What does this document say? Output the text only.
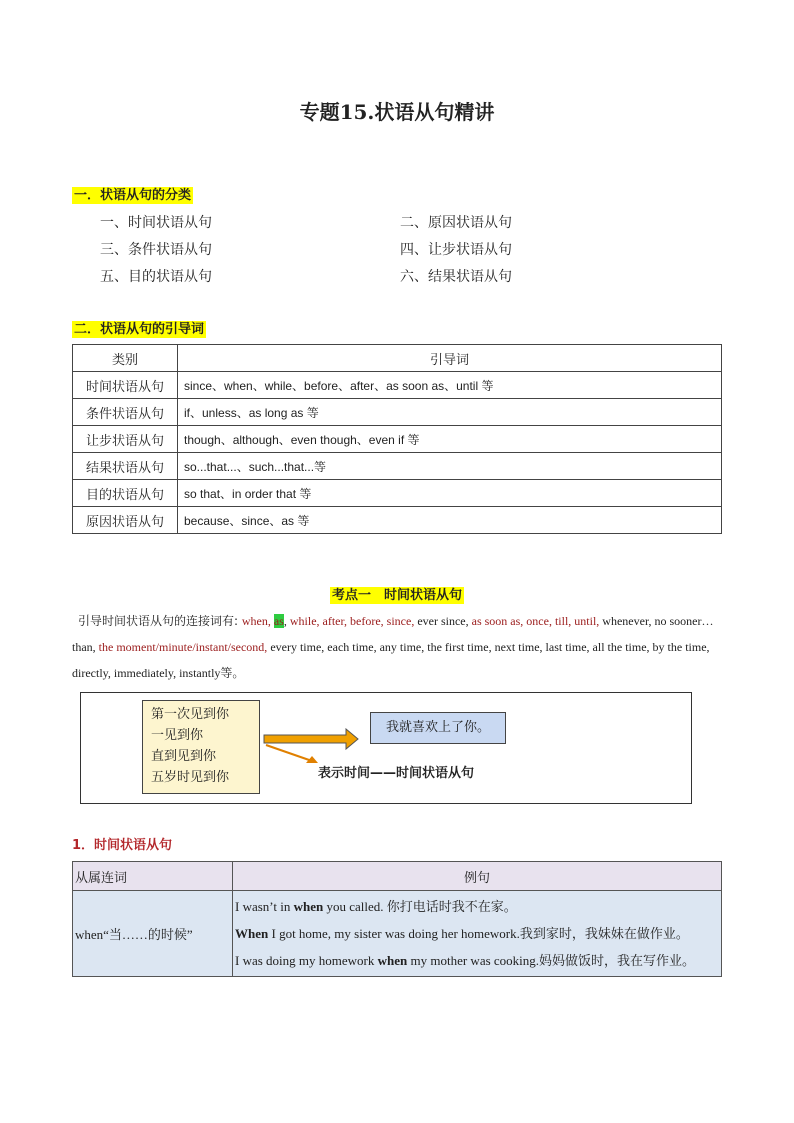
专题15.状语从句精讲
一．状语从句的分类
一、时间状语从句	二、原因状语从句
三、条件状语从句	四、让步状语从句
五、目的状语从句	六、结果状语从句
二．状语从句的引导词
类别	引导词
时间状语从句	since、when、while、before、after、as soon as、until 等
条件状语从句	if、unless、as long as 等
让步状语从句	though、although、even though、even if 等
结果状语从句	so...that...、such...that...等
目的状语从句	so that、in order that 等
原因状语从句	because、since、as 等
考点一　时间状语从句
引导时间状语从句的连接词有: when, as, while, after, before, since, ever since, as soon as, once, till, until, whenever, no sooner…than, the moment/minute/instant/second, every time, each time, any time, the first time, next time, last time, all the time, by the time, directly, immediately, instantly等。
第一次见到你
一见到你
直到见到你
五岁时见到你
我就喜欢上了你。
表示时间——时间状语从句
1．时间状语从句
从属连词	例句
when“当……的时候”	I wasn’t in when you called. 你打电话时我不在家。
When I got home, my sister was doing her homework.我到家时，我妹妹在做作业。
I was doing my homework when my mother was cooking.妈妈做饭时，我在写作业。
